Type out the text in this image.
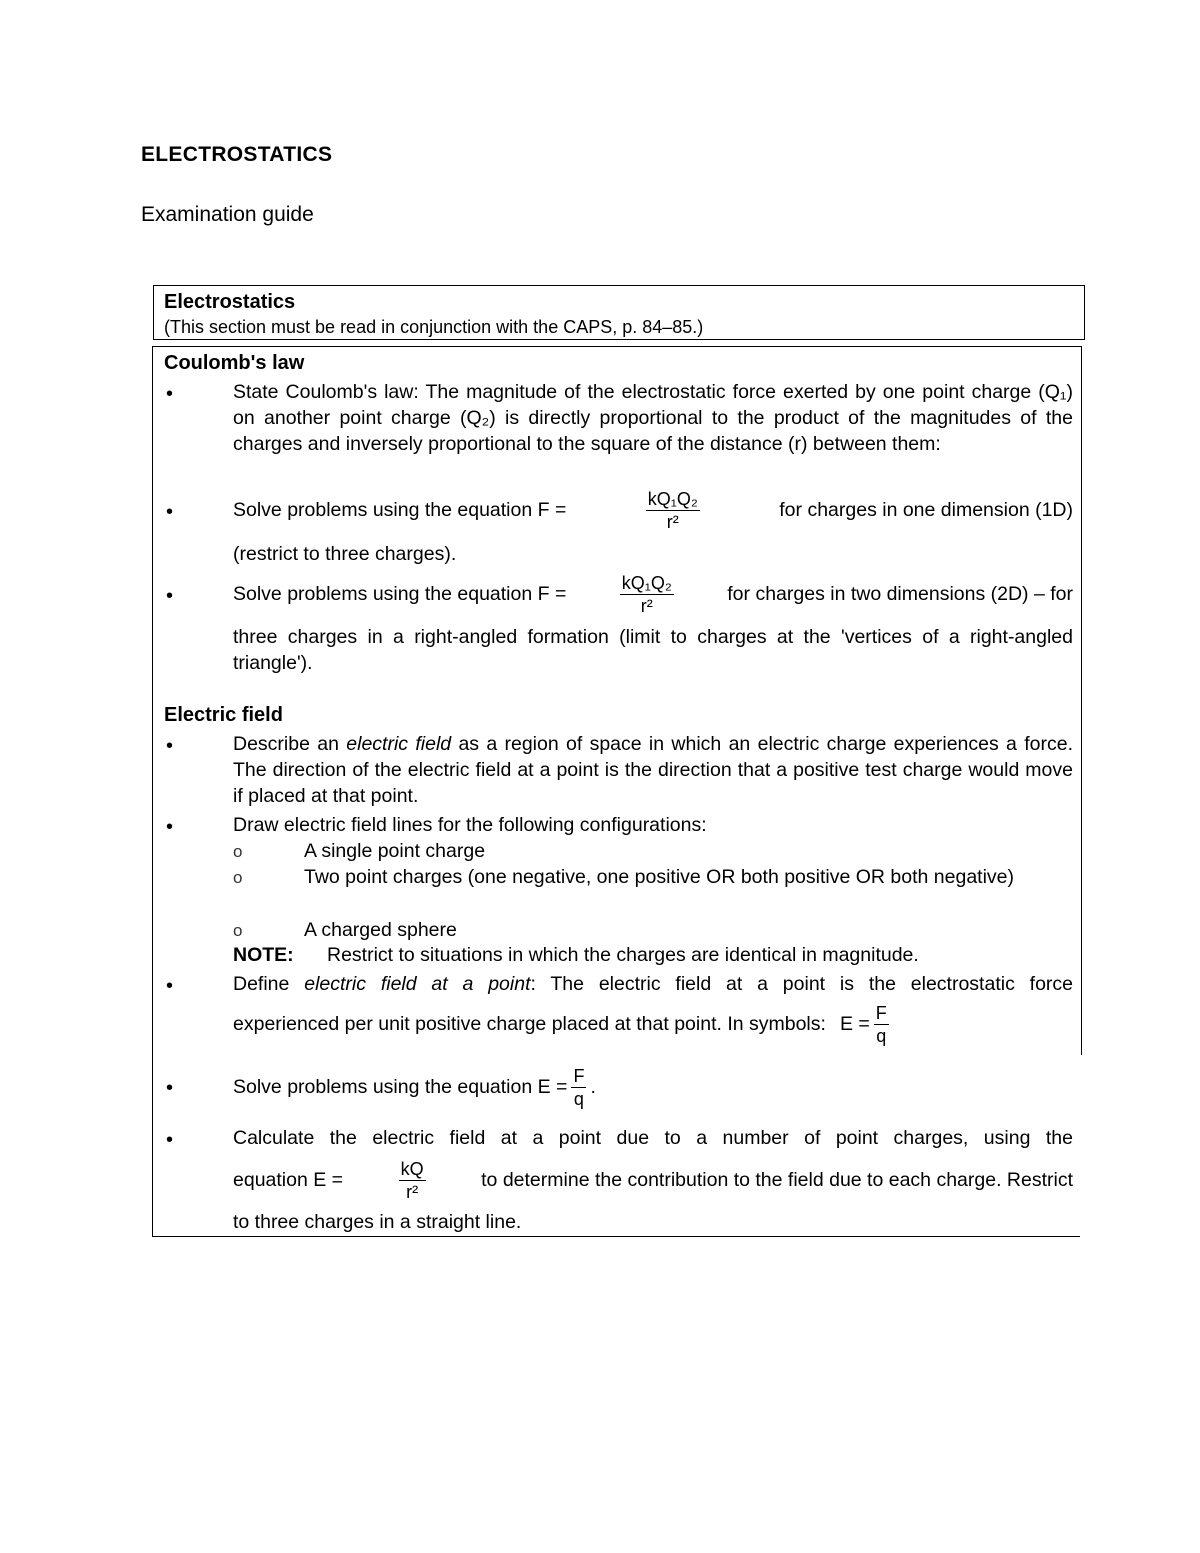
ELECTROSTATICS
Examination guide
Electrostatics
(This section must be read in conjunction with the CAPS, p. 84–85.)
Coulomb's law
•
State Coulomb's law: The magnitude of the electrostatic force exerted by one point charge (Q₁) on another point charge (Q₂) is directly proportional to the product of the magnitudes of the charges and inversely proportional to the square of the distance (r) between them:
•
Solve problems using the equation F =	$\frac{\text{kQ₁Q₂}}{\text{r²}}$	for charges in one dimension (1D)
(restrict to three charges).
•
Solve problems using the equation F =	$\frac{\text{kQ₁Q₂}}{\text{r²}}$	for charges in two dimensions (2D) – for
three charges in a right-angled formation (limit to charges at the 'vertices of a right-angled triangle').
Electric field
•
Describe an electric field as a region of space in which an electric charge experiences a force. The direction of the electric field at a point is the direction that a positive test charge would move if placed at that point.
•
Draw electric field lines for the following configurations:
o	A single point charge
o	Two point charges (one negative, one positive OR both positive OR both negative)
o	A charged sphere
NOTE: Restrict to situations in which the charges are identical in magnitude.
•
Define electric field at a point: The electric field at a point is the electrostatic force
experienced per unit positive charge placed at that point. In symbols: $E = \frac{F}{q}$
•
Solve problems using the equation $E = \frac{F}{q}$ .
•
Calculate the electric field at a point due to a number of point charges, using the
equation E =	$\frac{kQ}{\text{r²}}$	to determine the contribution to the field due to each charge. Restrict
to three charges in a straight line.
